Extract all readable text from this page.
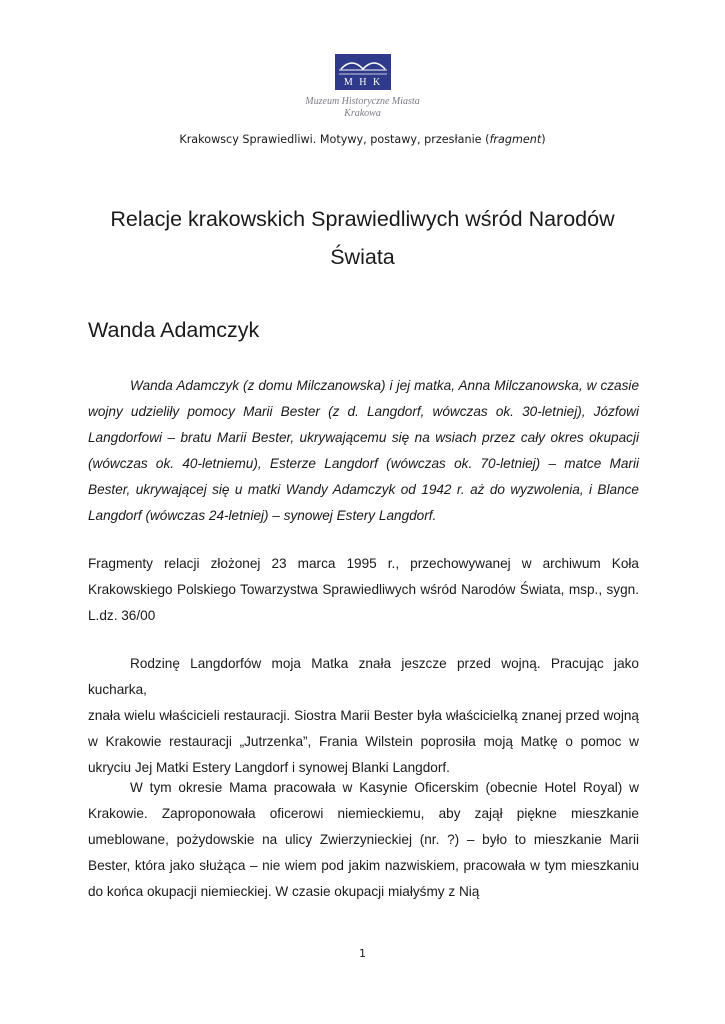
M H K
Muzeum Historyczne Miasta
Krakowa
Krakowscy Sprawiedliwi. Motywy, postawy, przesłanie (fragment)
Relacje krakowskich Sprawiedliwych wśród Narodów Świata
Wanda Adamczyk

Wanda Adamczyk (z domu Milczanowska) i jej matka, Anna Milczanowska, w czasie wojny udzieliły pomocy Marii Bester (z d. Langdorf, wówczas ok. 30-letniej), Józfowi Langdorfowi – bratu Marii Bester, ukrywającemu się na wsiach przez cały okres okupacji (wówczas ok. 40-letniemu), Esterze Langdorf (wówczas ok. 70-letniej) – matce Marii Bester, ukrywającej się u matki Wandy Adamczyk od 1942 r. aż do wyzwolenia, i Blance Langdorf (wówczas 24-letniej) – synowej Estery Langdorf.

Fragmenty relacji złożonej 23 marca 1995 r., przechowywanej w archiwum Koła Krakowskiego Polskiego Towarzystwa Sprawiedliwych wśród Narodów Świata, msp., sygn. L.dz. 36/00

Rodzinę Langdorfów moja Matka znała jeszcze przed wojną. Pracując jako kucharka,

znała wielu właścicieli restauracji. Siostra Marii Bester była właścicielką znanej przed wojną w Krakowie restauracji „Jutrzenka”, Frania Wilstein poprosiła moją Matkę o pomoc w ukryciu Jej Matki Estery Langdorf i synowej Blanki Langdorf.

W tym okresie Mama pracowała w Kasynie Oficerskim (obecnie Hotel Royal) w Krakowie. Zaproponowała oficerowi niemieckiemu, aby zajął piękne mieszkanie umeblowane, pożydowskie na ulicy Zwierzynieckiej (nr. ?) – było to mieszkanie Marii Bester, która jako służąca – nie wiem pod jakim nazwiskiem, pracowała w tym mieszkaniu do końca okupacji niemieckiej. W czasie okupacji miałyśmy z Nią

1
